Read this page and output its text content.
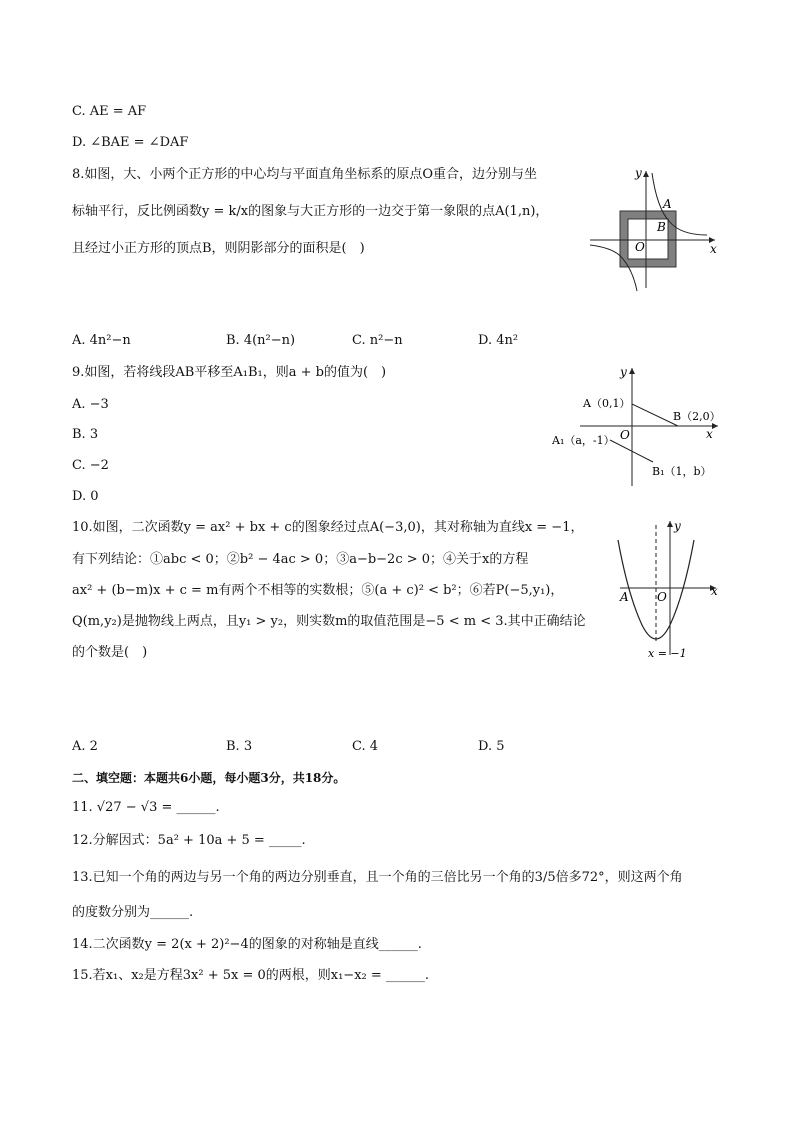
C. AE = AF
D. ∠BAE = ∠DAF
8.如图，大、小两个正方形的中心均与平面直角坐标系的原点O重合，边分别与坐
标轴平行，反比例函数y = k/x的图象与大正方形的一边交于第一象限的点A(1,n)，
且经过小正方形的顶点B，则阴影部分的面积是(　)
y
x
O
A
B
A. 4n²−n	B. 4(n²−n)	C. n²−n	D. 4n²
9.如图，若将线段AB平移至A₁B₁，则a + b的值为(　)
A. −3
B. 3
C. −2
D. 0
y
x
O
A（0,1）
B（2,0）
A₁（a，-1）
B₁（1，b）
10.如图，二次函数y = ax² + bx + c的图象经过点A(−3,0)，其对称轴为直线x = −1，
有下列结论：①abc < 0；②b² − 4ac > 0；③a−b−2c > 0；④关于x的方程
ax² + (b−m)x + c = m有两个不相等的实数根；⑤(a + c)² < b²；⑥若P(−5,y₁)，
Q(m,y₂)是抛物线上两点，且y₁ > y₂，则实数m的取值范围是−5 < m < 3.其中正确结论
的个数是(　)
y
x
O
A
x = −1
A. 2	B. 3	C. 4	D. 5
二、填空题：本题共6小题，每小题3分，共18分。
11. √27 − √3 = ______.
12.分解因式：5a² + 10a + 5 = _____.
13.已知一个角的两边与另一个角的两边分别垂直，且一个角的三倍比另一个角的3/5倍多72°，则这两个角
的度数分别为______.
14.二次函数y = 2(x + 2)²−4的图象的对称轴是直线______.
15.若x₁、x₂是方程3x² + 5x = 0的两根，则x₁−x₂ = ______.
